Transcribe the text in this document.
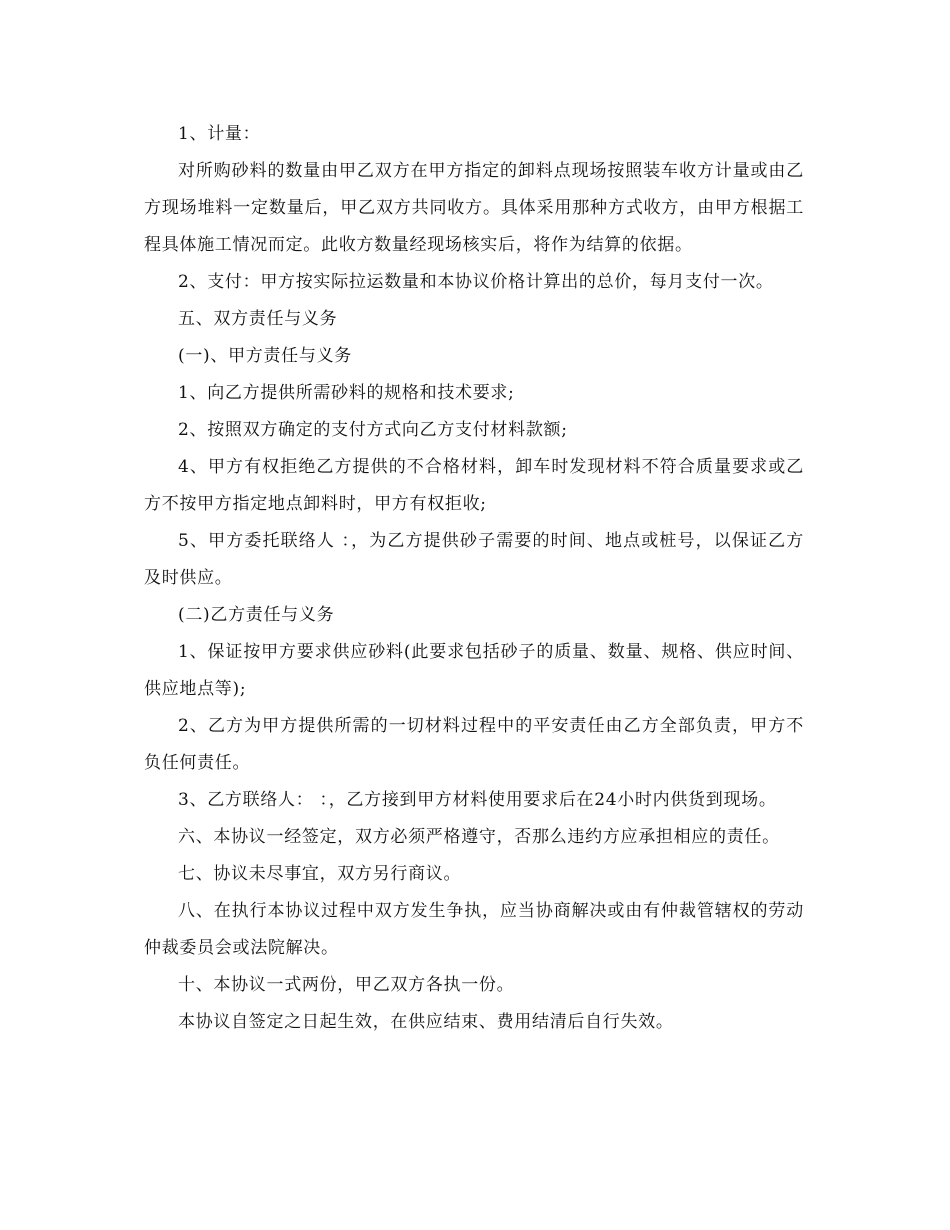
1、计量：

对所购砂料的数量由甲乙双方在甲方指定的卸料点现场按照装车收方计量或由乙方现场堆料一定数量后，甲乙双方共同收方。具体采用那种方式收方，由甲方根据工程具体施工情况而定。此收方数量经现场核实后，将作为结算的依据。

2、支付：甲方按实际拉运数量和本协议价格计算出的总价，每月支付一次。

五、双方责任与义务

(一)、甲方责任与义务

1、向乙方提供所需砂料的规格和技术要求;

2、按照双方确定的支付方式向乙方支付材料款额;

4、甲方有权拒绝乙方提供的不合格材料，卸车时发现材料不符合质量要求或乙方不按甲方指定地点卸料时，甲方有权拒收;

5、甲方委托联络人 ：，为乙方提供砂子需要的时间、地点或桩号，以保证乙方及时供应。

(二)乙方责任与义务

1、保证按甲方要求供应砂料(此要求包括砂子的质量、数量、规格、供应时间、供应地点等);

2、乙方为甲方提供所需的一切材料过程中的平安责任由乙方全部负责，甲方不负任何责任。

3、乙方联络人： ：，乙方接到甲方材料使用要求后在24小时内供货到现场。

六、本协议一经签定，双方必须严格遵守，否那么违约方应承担相应的责任。

七、协议未尽事宜，双方另行商议。

八、在执行本协议过程中双方发生争执，应当协商解决或由有仲裁管辖权的劳动仲裁委员会或法院解决。

十、本协议一式两份，甲乙双方各执一份。

本协议自签定之日起生效，在供应结束、费用结清后自行失效。
